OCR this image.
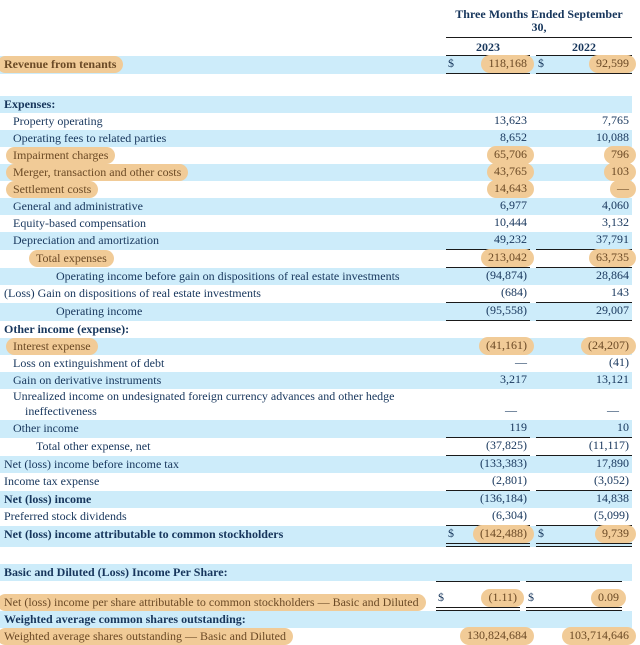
Three Months Ended September
30,
2023	2022
Revenue from tenants	$	118,168 $	92,599
Expenses:
Property operating	13,623	7,765
Operating fees to related parties	8,652	10,088
Impairment charges	65,706	796
Merger, transaction and other costs	43,765	103
Settlement costs	14,643	—
General and administrative	6,977	4,060
Equity-based compensation	10,444	3,132
Depreciation and amortization	49,232	37,791
Total expenses	213,042	63,735
Operating income before gain on dispositions of real estate investments	(94,874)	28,864
(Loss) Gain on dispositions of real estate investments	(684)	143
Operating income	(95,558)	29,007
Other income (expense):
Interest expense	(41,161)	(24,207)
Loss on extinguishment of debt	—	(41)
Gain on derivative instruments	3,217	13,121
Unrealized income on undesignated foreign currency advances and other hedge ineffectiveness	—	—
Other income	119	10
Total other expense, net	(37,825)	(11,117)
Net (loss) income before income tax	(133,383)	17,890
Income tax expense	(2,801)	(3,052)
Net (loss) income	(136,184)	14,838
Preferred stock dividends	(6,304)	(5,099)
Net (loss) income attributable to common stockholders	$	(142,488) $	9,739
Basic and Diluted (Loss) Income Per Share:
Net (loss) income per share attributable to common stockholders — Basic and Diluted	$	(1.11) $	0.09
Weighted average common shares outstanding:
Weighted average shares outstanding — Basic and Diluted	130,824,684	103,714,646
